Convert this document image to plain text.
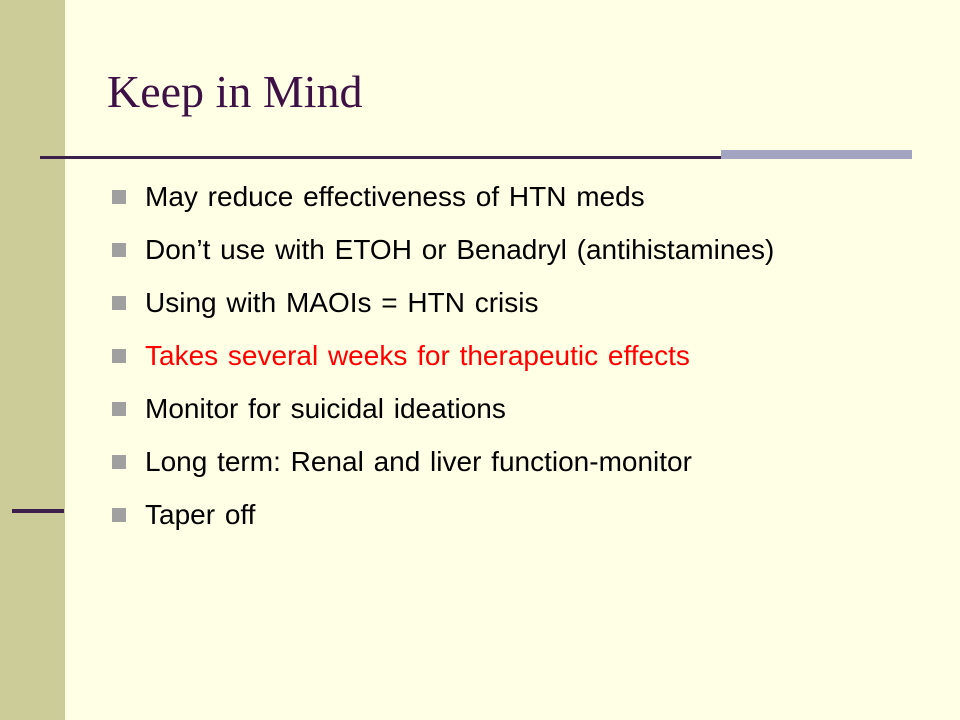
Keep in Mind
May reduce effectiveness of HTN meds
Don’t use with ETOH or Benadryl (antihistamines)
Using with MAOIs = HTN crisis
Takes several weeks for therapeutic effects
Monitor for suicidal ideations
Long term: Renal and liver function-monitor
Taper off
